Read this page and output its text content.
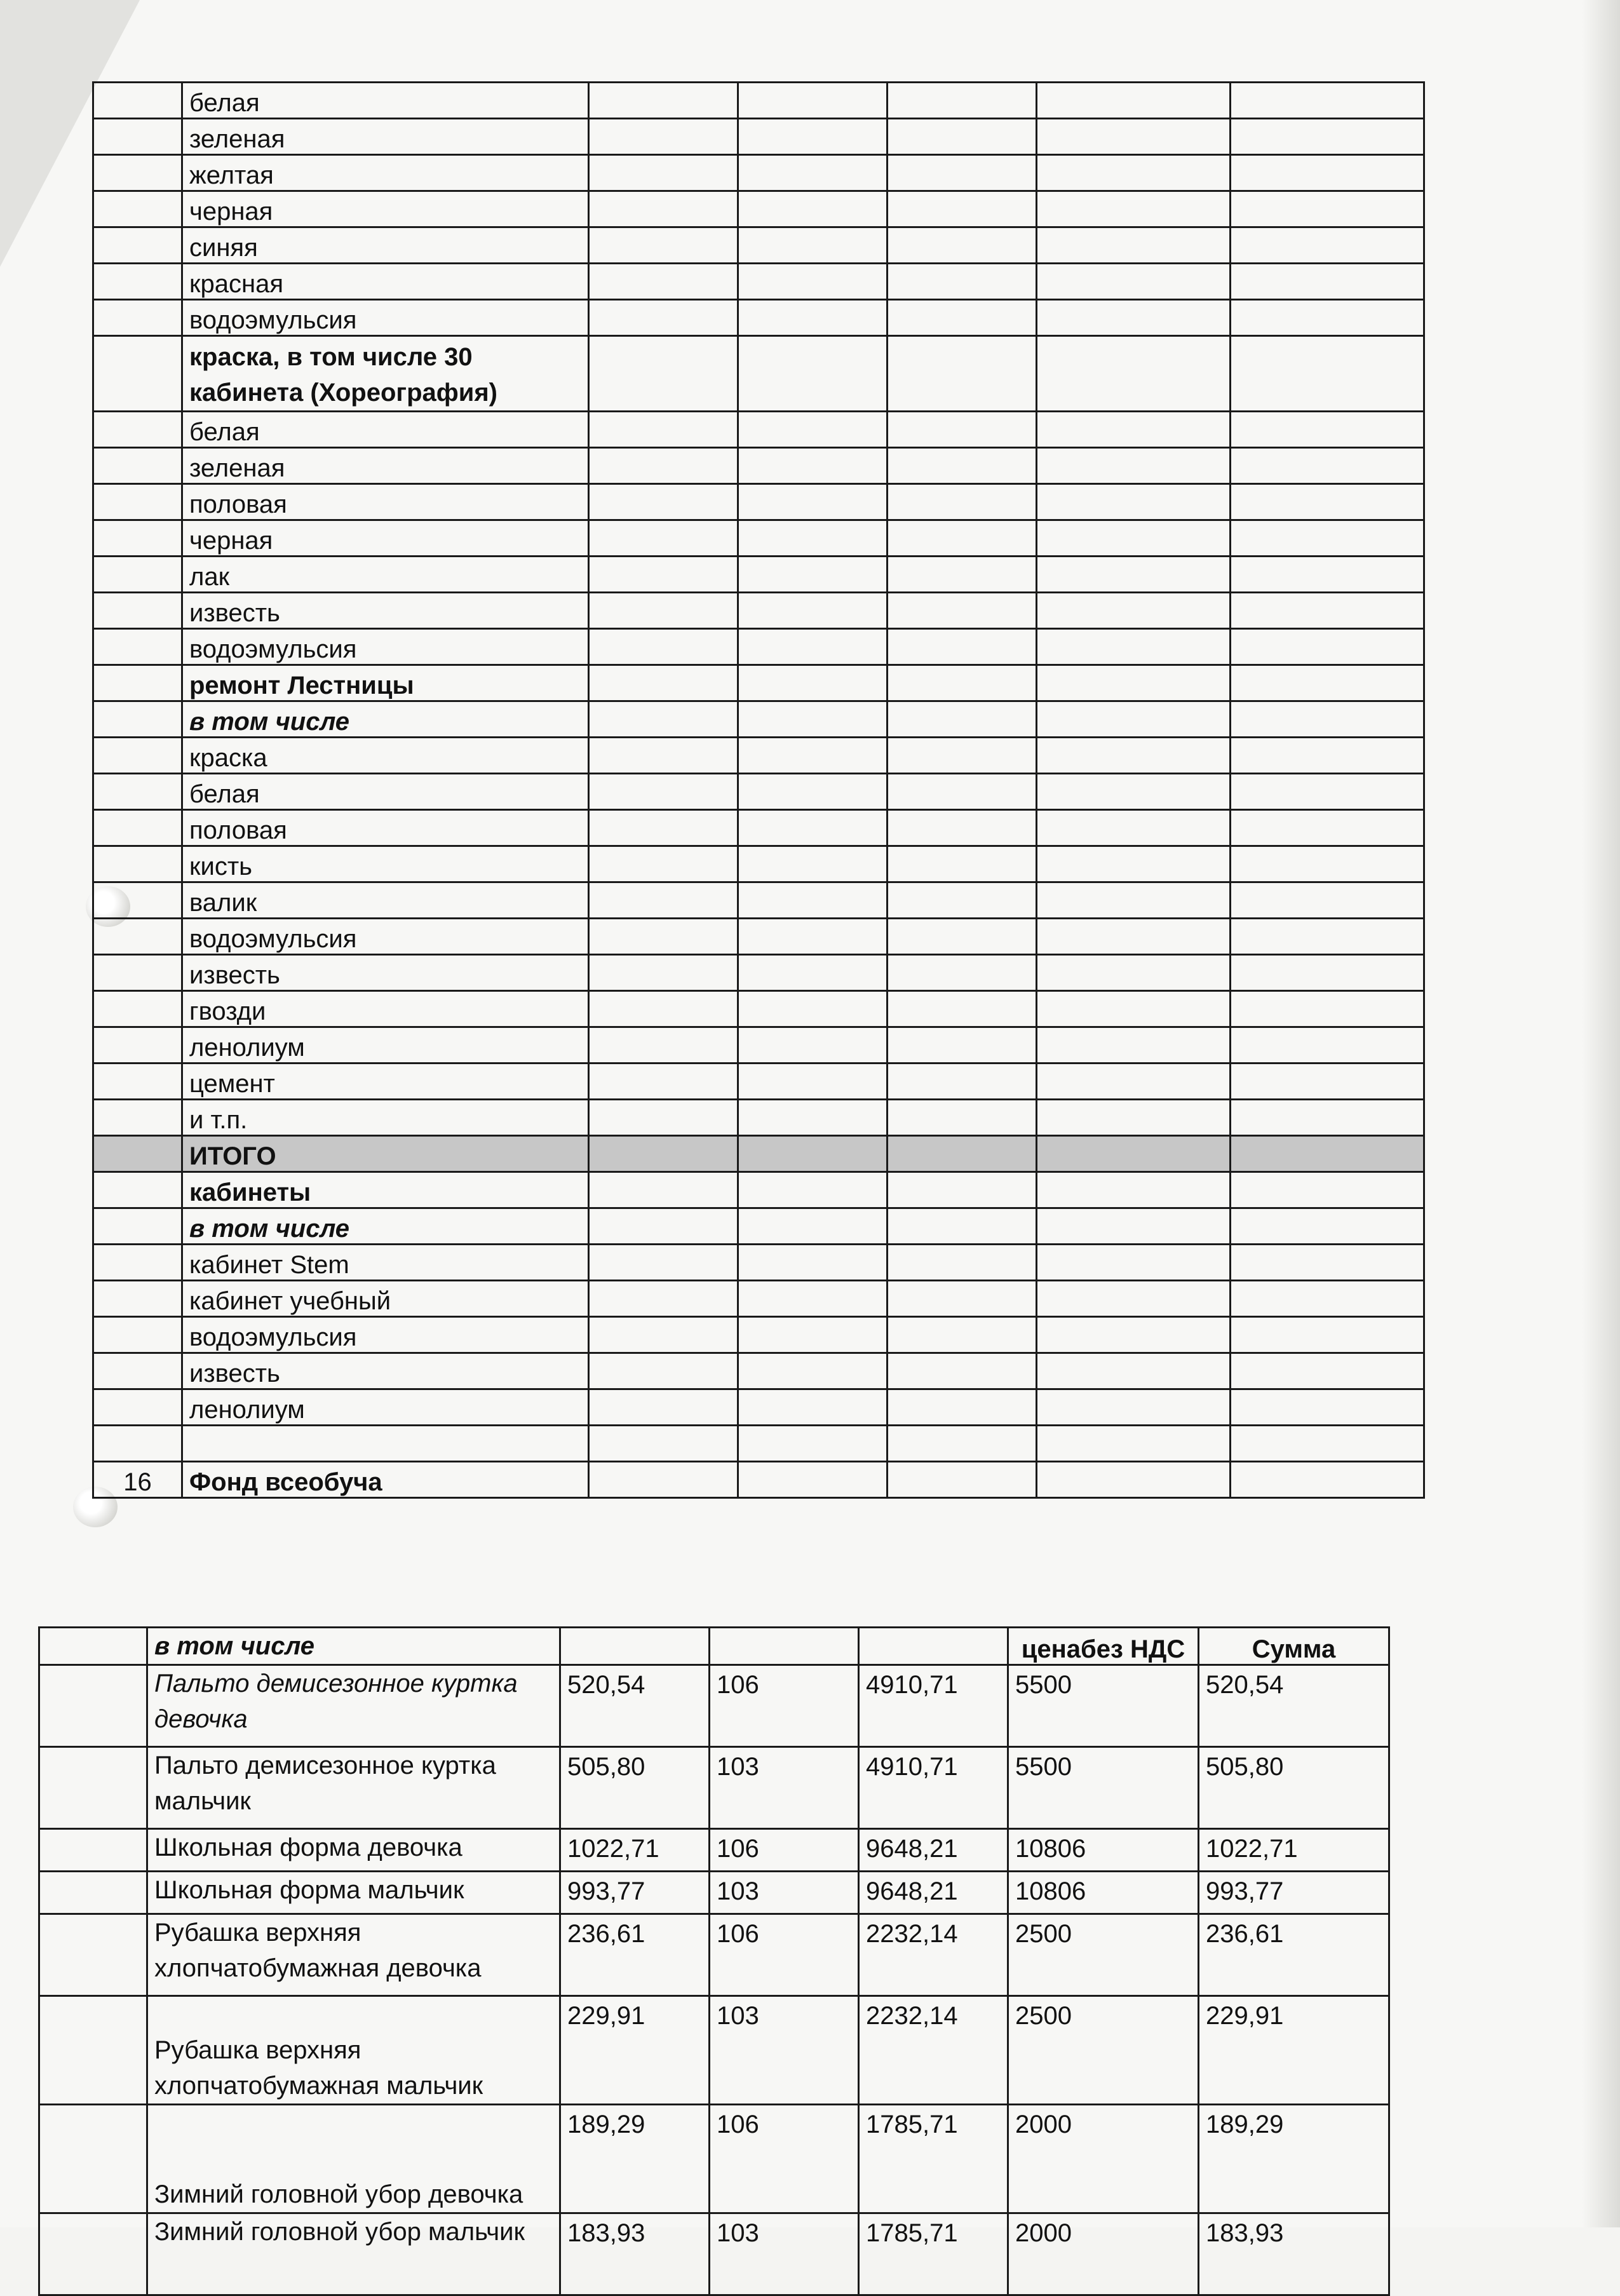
	белая					
	зеленая					
	желтая					
	черная					
	синяя					
	красная					
	водоэмульсия					
	краска, в том числе 30 кабинета (Хореография)					
	белая					
	зеленая					
	половая					
	черная					
	лак					
	известь					
	водоэмульсия					
	ремонт Лестницы					
	в том числе					
	краска					
	белая					
	половая					
	кисть					
	валик					
	водоэмульсия					
	известь					
	гвозди					
	ленолиум					
	цемент					
	и т.п.					
	ИТОГО					
	кабинеты					
	в том числе					
	кабинет Stem					
	кабинет учебный					
	водоэмульсия					
	известь					
	ленолиум					

16	Фонд всеобуча					
	в том числе				ценабез НДС	Сумма
	Пальто демисезонное куртка девочка	520,54	106	4910,71	5500	520,54
	Пальто демисезонное куртка мальчик	505,80	103	4910,71	5500	505,80
	Школьная форма девочка	1022,71	106	9648,21	10806	1022,71
	Школьная форма мальчик	993,77	103	9648,21	10806	993,77
	Рубашка верхняя хлопчатобумажная девочка	236,61	106	2232,14	2500	236,61
	Рубашка верхняя хлопчатобумажная мальчик	229,91	103	2232,14	2500	229,91
	Зимний головной убор девочка	189,29	106	1785,71	2000	189,29
	Зимний головной убор мальчик	183,93	103	1785,71	2000	183,93
